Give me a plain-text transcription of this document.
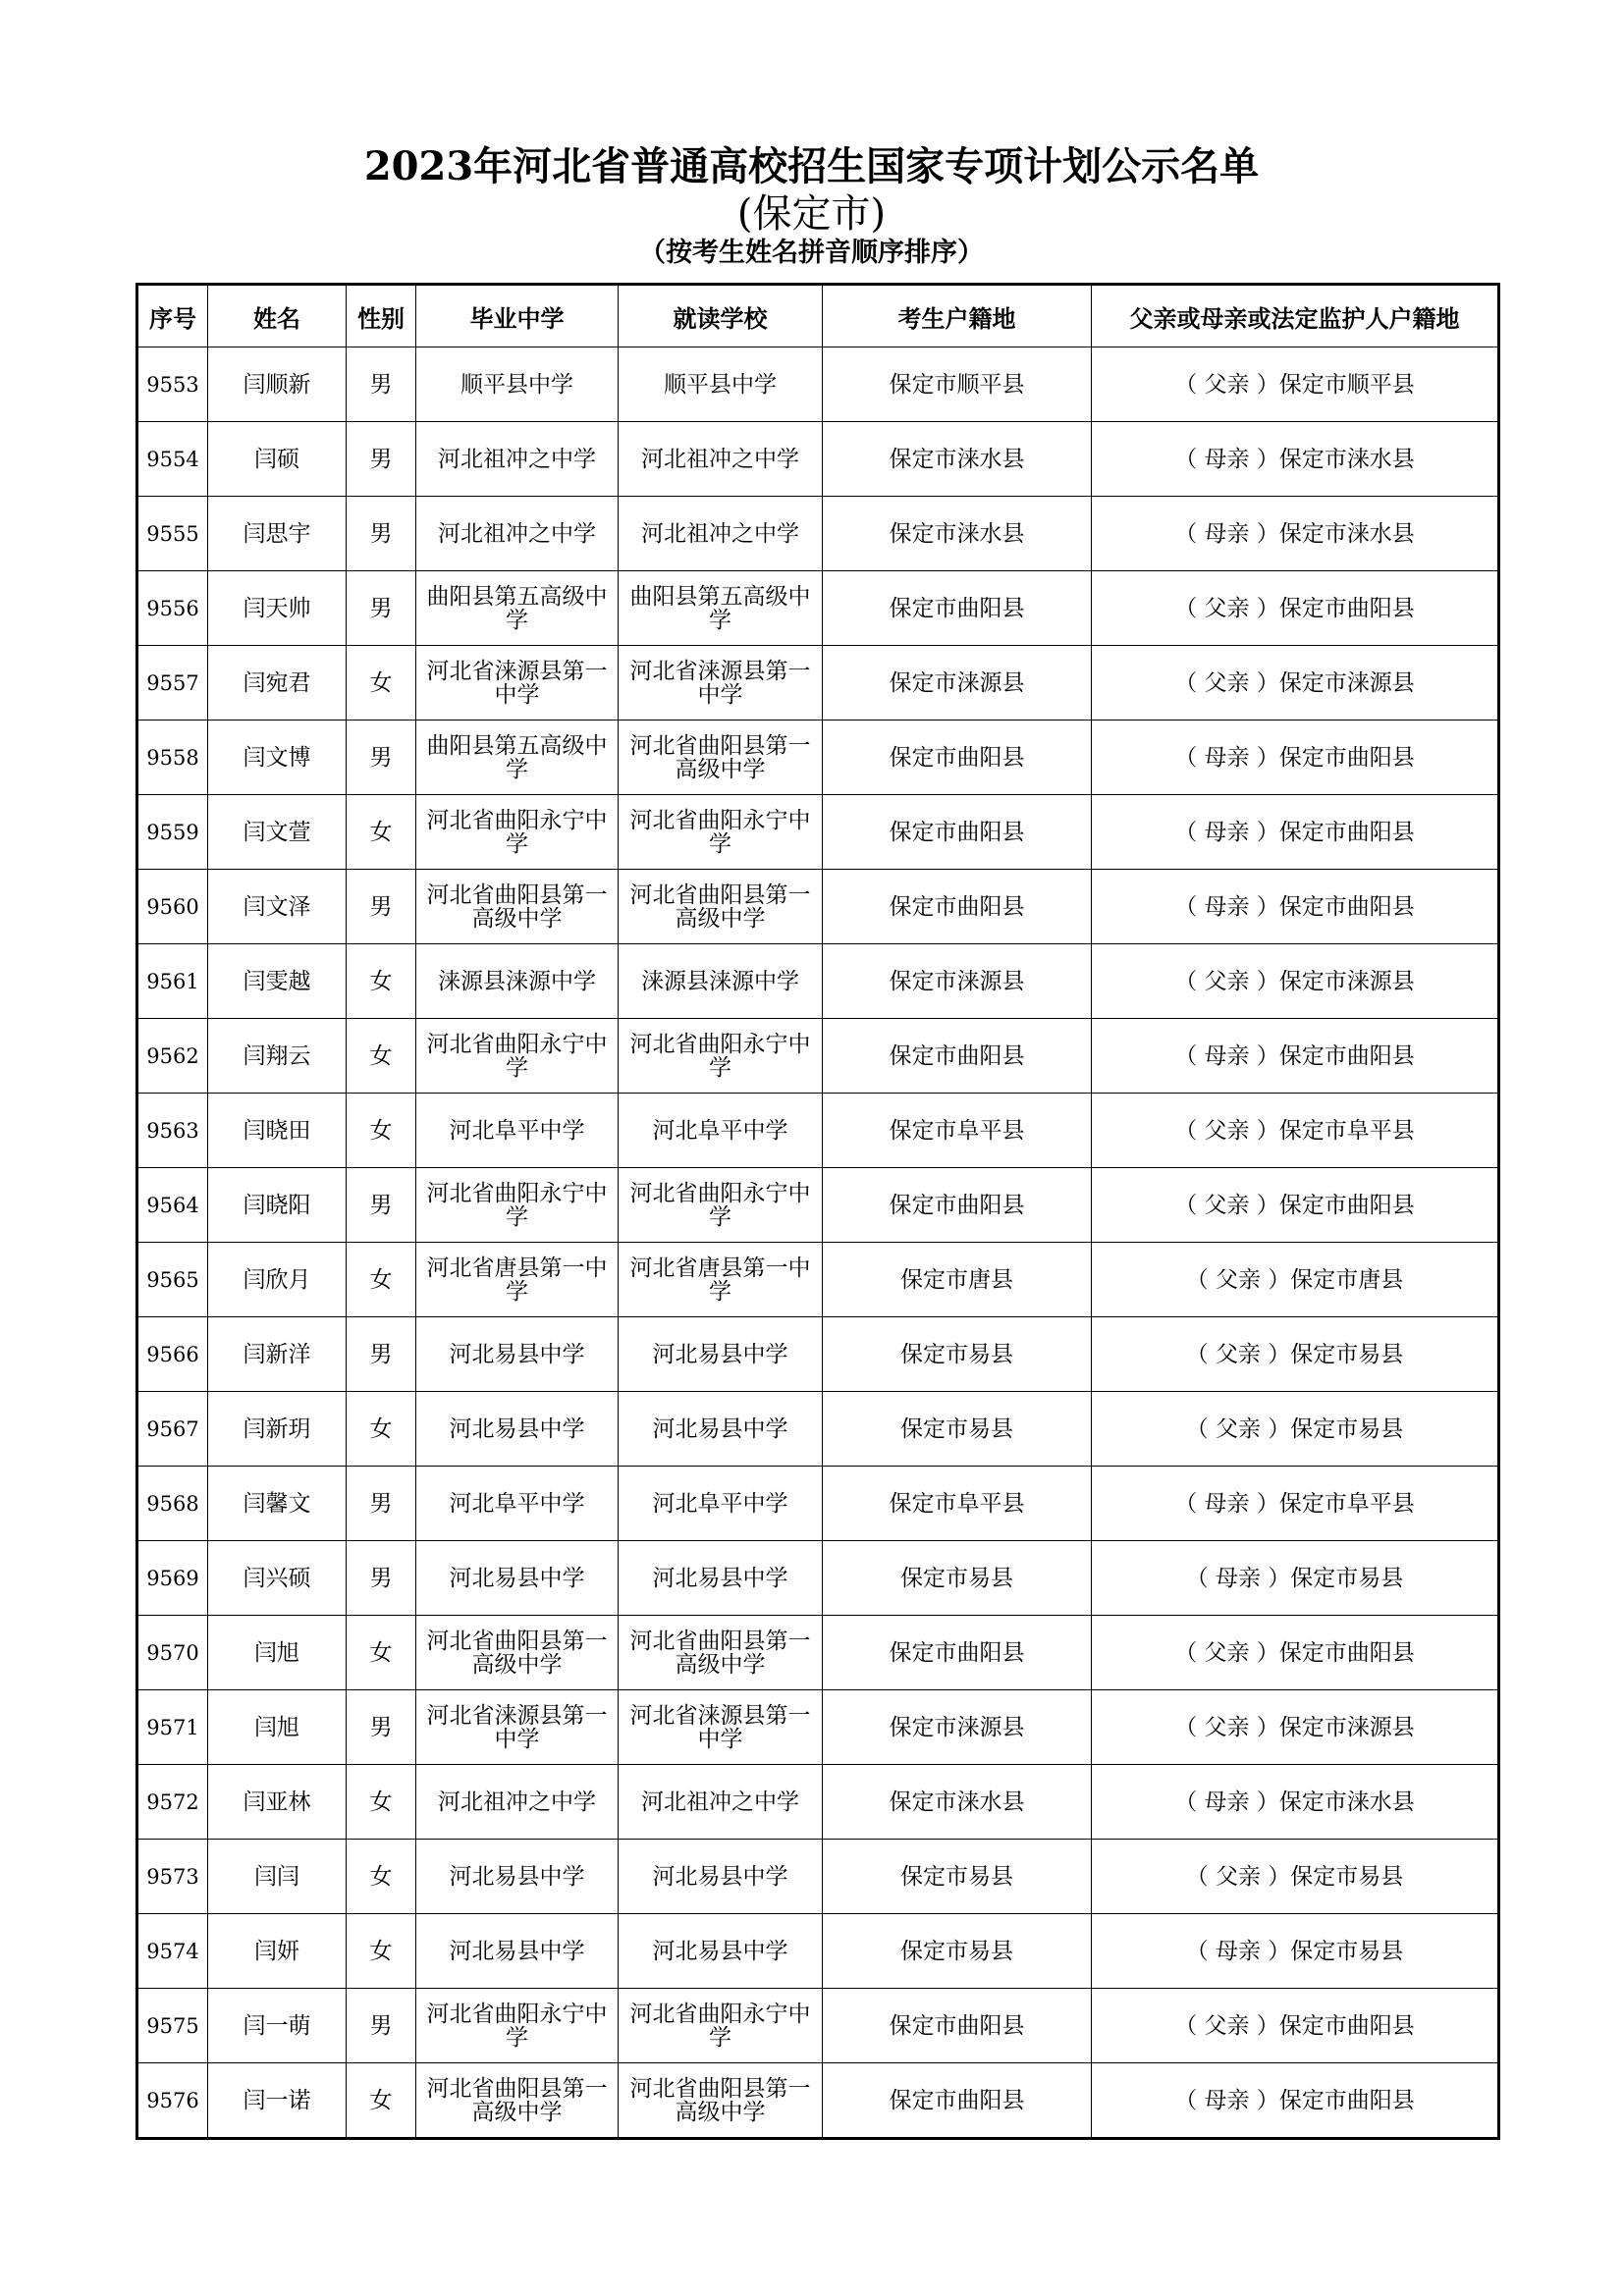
2023年河北省普通高校招生国家专项计划公示名单
(保定市)
（按考生姓名拼音顺序排序）
序号	姓名	性别	毕业中学	就读学校	考生户籍地	父亲或母亲或法定监护人户籍地
9553	闫顺新	男	顺平县中学	顺平县中学	保定市顺平县	（ 父亲 ）保定市顺平县
9554	闫硕	男	河北祖冲之中学	河北祖冲之中学	保定市涞水县	（ 母亲 ）保定市涞水县
9555	闫思宇	男	河北祖冲之中学	河北祖冲之中学	保定市涞水县	（ 母亲 ）保定市涞水县
9556	闫天帅	男	曲阳县第五高级中学	曲阳县第五高级中学	保定市曲阳县	（ 父亲 ）保定市曲阳县
9557	闫宛君	女	河北省涞源县第一中学	河北省涞源县第一中学	保定市涞源县	（ 父亲 ）保定市涞源县
9558	闫文博	男	曲阳县第五高级中学	河北省曲阳县第一高级中学	保定市曲阳县	（ 母亲 ）保定市曲阳县
9559	闫文萱	女	河北省曲阳永宁中学	河北省曲阳永宁中学	保定市曲阳县	（ 母亲 ）保定市曲阳县
9560	闫文泽	男	河北省曲阳县第一高级中学	河北省曲阳县第一高级中学	保定市曲阳县	（ 母亲 ）保定市曲阳县
9561	闫雯越	女	涞源县涞源中学	涞源县涞源中学	保定市涞源县	（ 父亲 ）保定市涞源县
9562	闫翔云	女	河北省曲阳永宁中学	河北省曲阳永宁中学	保定市曲阳县	（ 母亲 ）保定市曲阳县
9563	闫晓田	女	河北阜平中学	河北阜平中学	保定市阜平县	（ 父亲 ）保定市阜平县
9564	闫晓阳	男	河北省曲阳永宁中学	河北省曲阳永宁中学	保定市曲阳县	（ 父亲 ）保定市曲阳县
9565	闫欣月	女	河北省唐县第一中学	河北省唐县第一中学	保定市唐县	（ 父亲 ）保定市唐县
9566	闫新洋	男	河北易县中学	河北易县中学	保定市易县	（ 父亲 ）保定市易县
9567	闫新玥	女	河北易县中学	河北易县中学	保定市易县	（ 父亲 ）保定市易县
9568	闫馨文	男	河北阜平中学	河北阜平中学	保定市阜平县	（ 母亲 ）保定市阜平县
9569	闫兴硕	男	河北易县中学	河北易县中学	保定市易县	（ 母亲 ）保定市易县
9570	闫旭	女	河北省曲阳县第一高级中学	河北省曲阳县第一高级中学	保定市曲阳县	（ 父亲 ）保定市曲阳县
9571	闫旭	男	河北省涞源县第一中学	河北省涞源县第一中学	保定市涞源县	（ 父亲 ）保定市涞源县
9572	闫亚林	女	河北祖冲之中学	河北祖冲之中学	保定市涞水县	（ 母亲 ）保定市涞水县
9573	闫闫	女	河北易县中学	河北易县中学	保定市易县	（ 父亲 ）保定市易县
9574	闫妍	女	河北易县中学	河北易县中学	保定市易县	（ 母亲 ）保定市易县
9575	闫一萌	男	河北省曲阳永宁中学	河北省曲阳永宁中学	保定市曲阳县	（ 父亲 ）保定市曲阳县
9576	闫一诺	女	河北省曲阳县第一高级中学	河北省曲阳县第一高级中学	保定市曲阳县	（ 母亲 ）保定市曲阳县
